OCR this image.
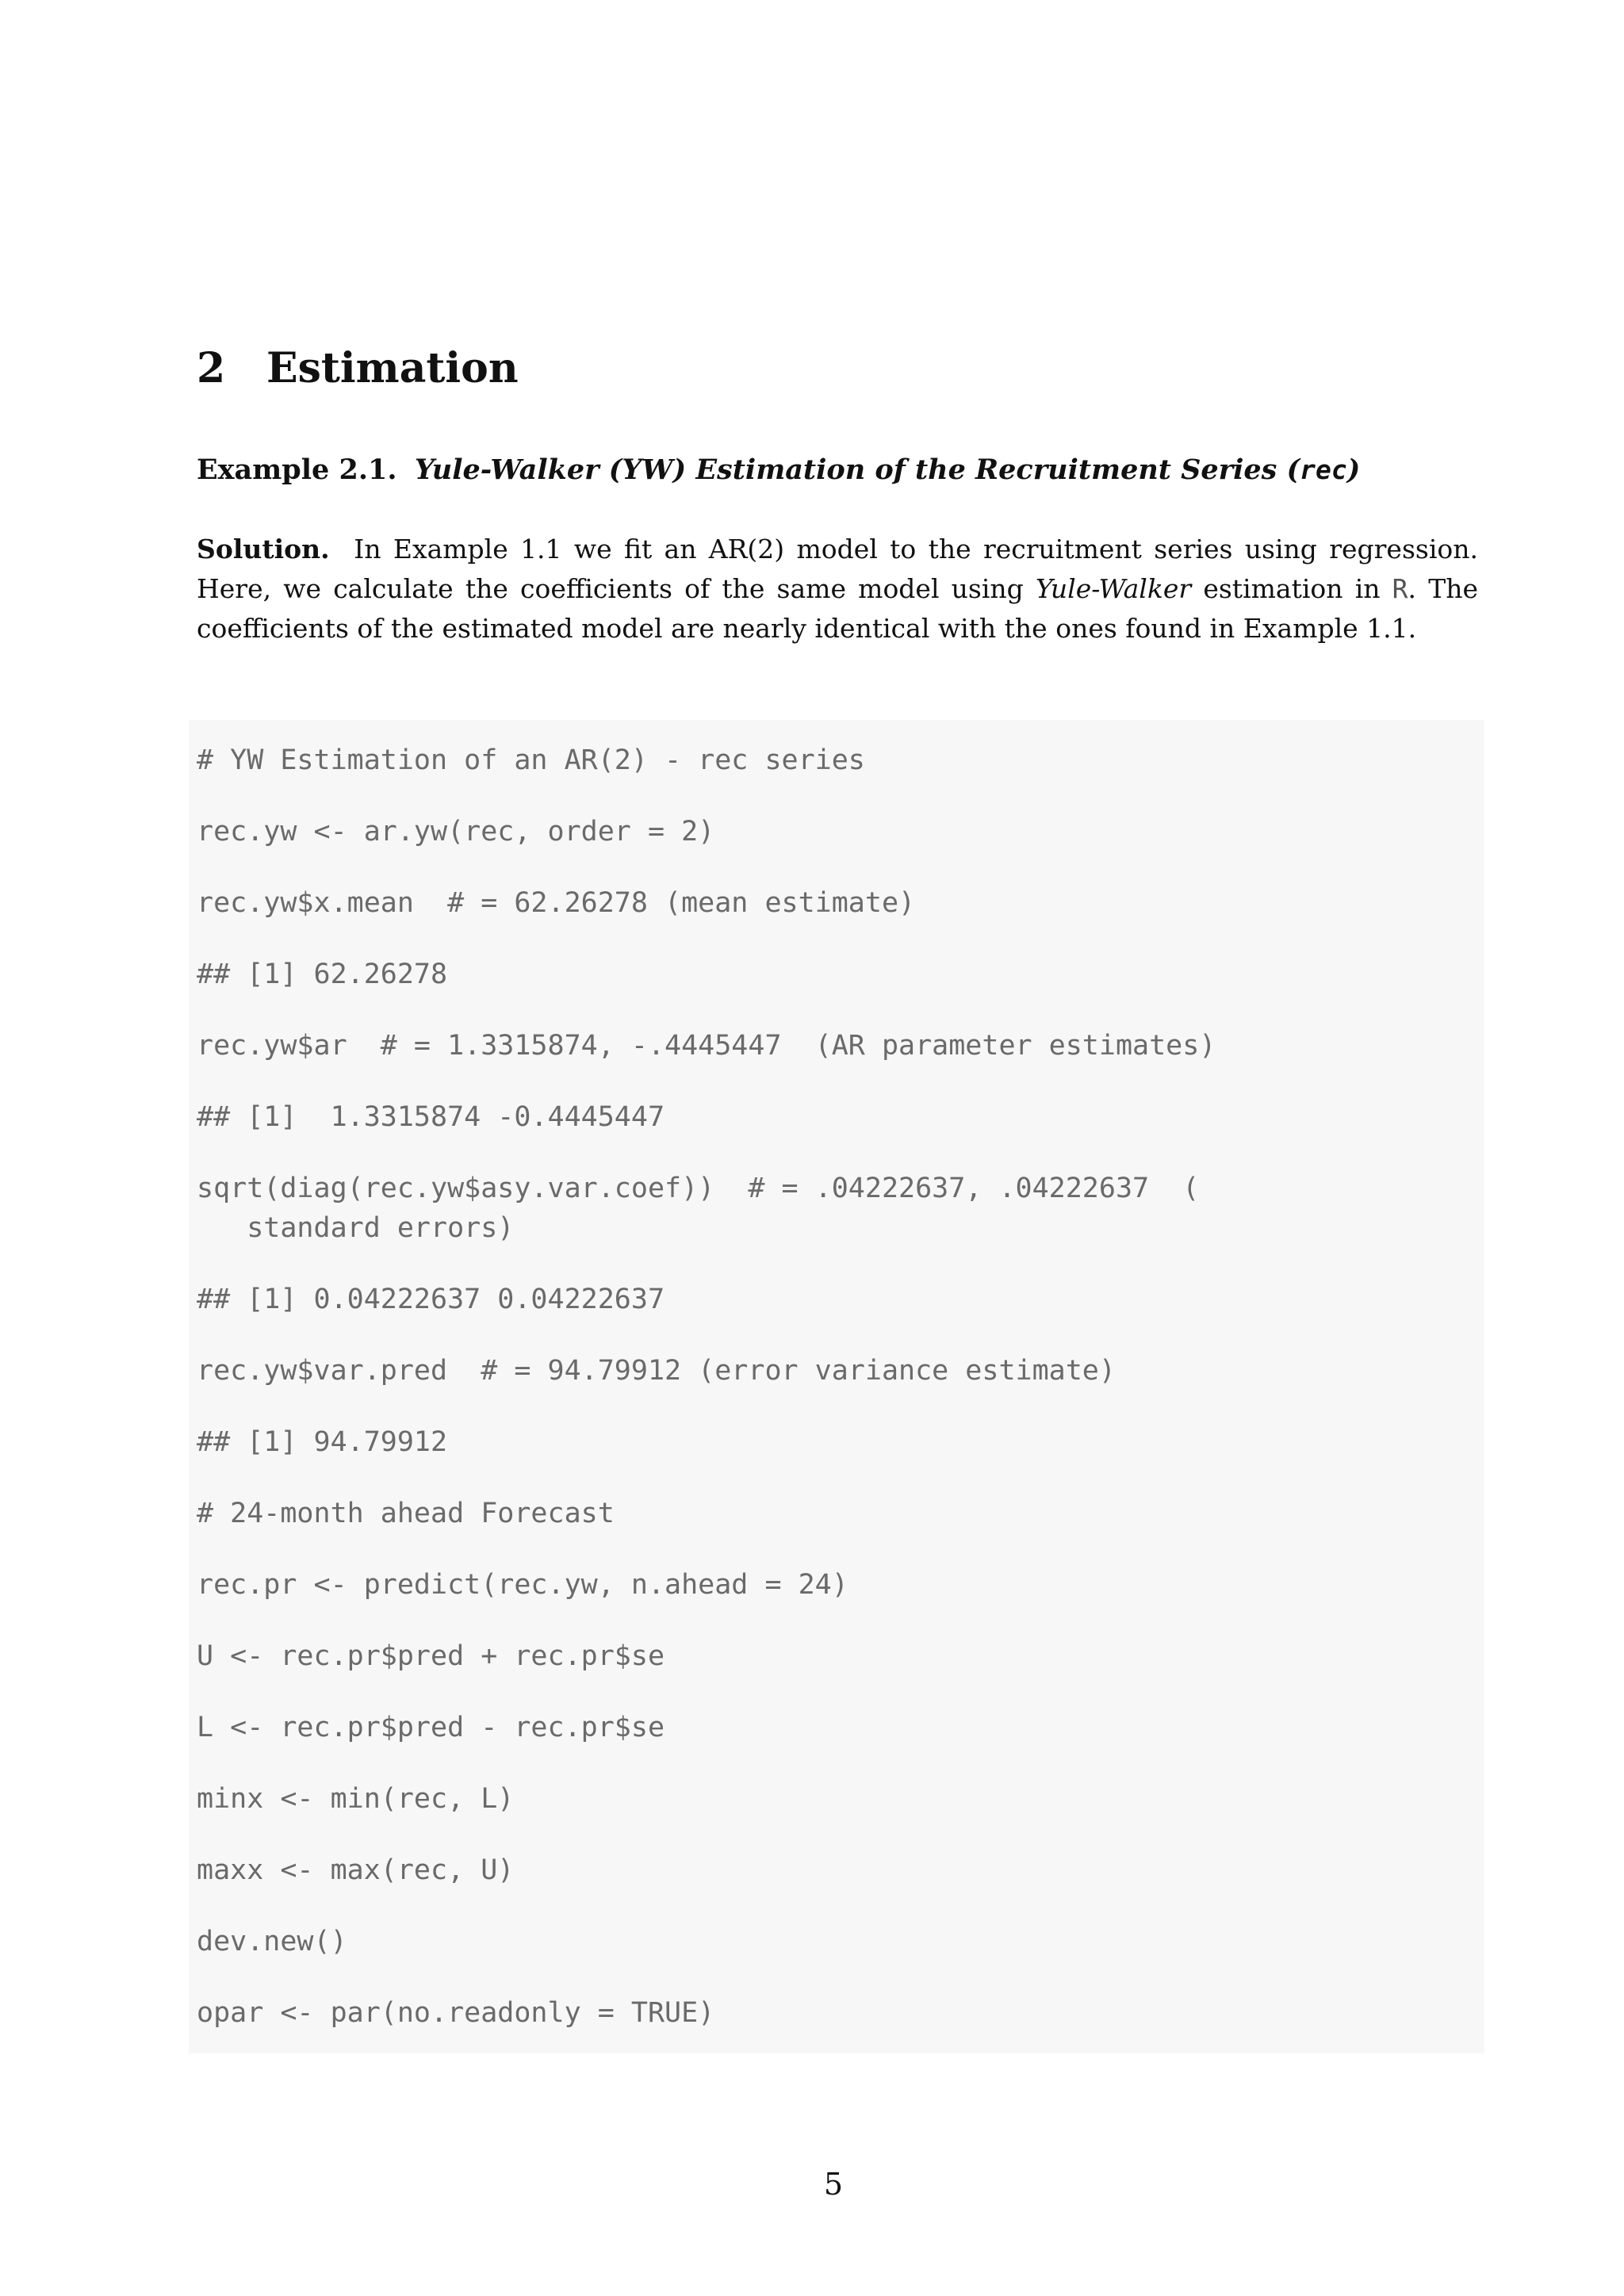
2 Estimation

Example 2.1. Yule-Walker (YW) Estimation of the Recruitment Series (rec)

Solution. In Example 1.1 we fit an AR(2) model to the recruitment series using regression. Here, we calculate the coefficients of the same model using Yule-Walker estimation in R. The coefficients of the estimated model are nearly identical with the ones found in Example 1.1.

# YW Estimation of an AR(2) - rec series

rec.yw <- ar.yw(rec, order = 2)

rec.yw$x.mean  # = 62.26278 (mean estimate)

## [1] 62.26278

rec.yw$ar  # = 1.3315874, -.4445447  (AR parameter estimates)

## [1]  1.3315874 -0.4445447

sqrt(diag(rec.yw$asy.var.coef))  # = .04222637, .04222637  (
standard errors)

## [1] 0.04222637 0.04222637

rec.yw$var.pred  # = 94.79912 (error variance estimate)

## [1] 94.79912

# 24-month ahead Forecast

rec.pr <- predict(rec.yw, n.ahead = 24)

U <- rec.pr$pred + rec.pr$se

L <- rec.pr$pred - rec.pr$se

minx <- min(rec, L)

maxx <- max(rec, U)

dev.new()

opar <- par(no.readonly = TRUE)

5
